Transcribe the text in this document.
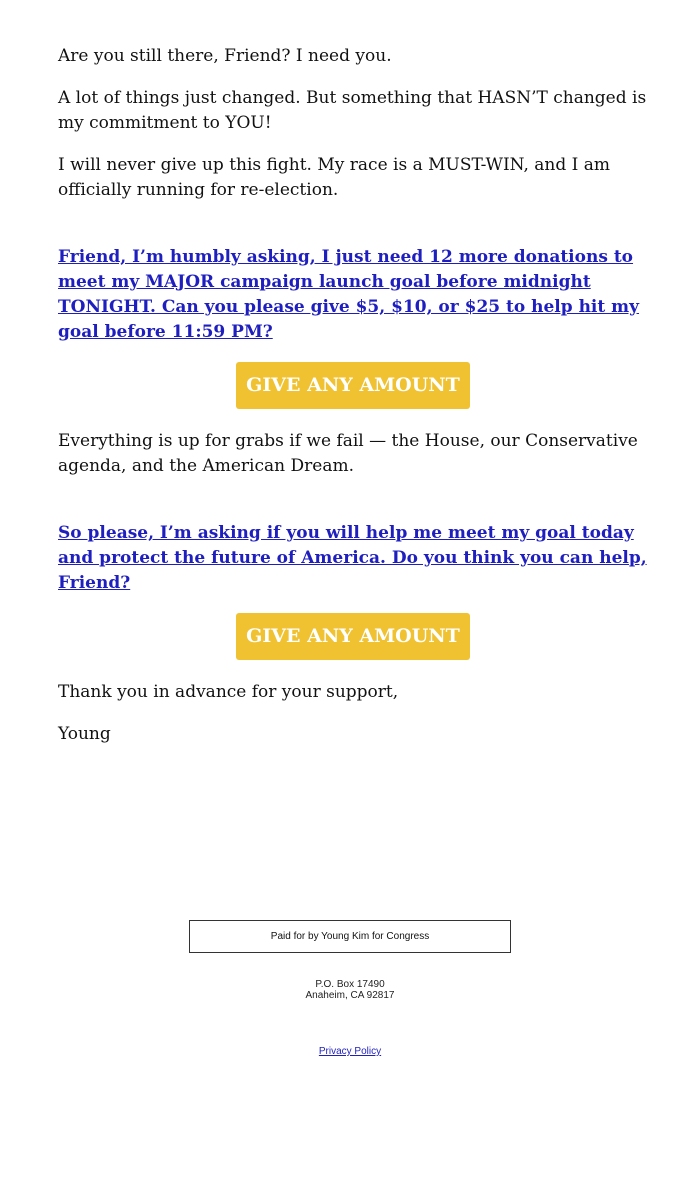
Are you still there, Friend? I need you.

A lot of things just changed. But something that HASN’T changed is my commitment to YOU!

I will never give up this fight. My race is a MUST-WIN, and I am officially running for re-election.

Friend, I’m humbly asking, I just need 12 more donations to meet my MAJOR campaign launch goal before midnight TONIGHT. Can you please give $5, $10, or $25 to help hit my goal before 11:59 PM?

GIVE ANY AMOUNT

Everything is up for grabs if we fail — the House, our Conservative agenda, and the American Dream.

So please, I’m asking if you will help me meet my goal today and protect the future of America. Do you think you can help, Friend?

GIVE ANY AMOUNT

Thank you in advance for your support,

Young

Paid for by Young Kim for Congress
P.O. Box 17490
Anaheim, CA 92817
Privacy Policy
